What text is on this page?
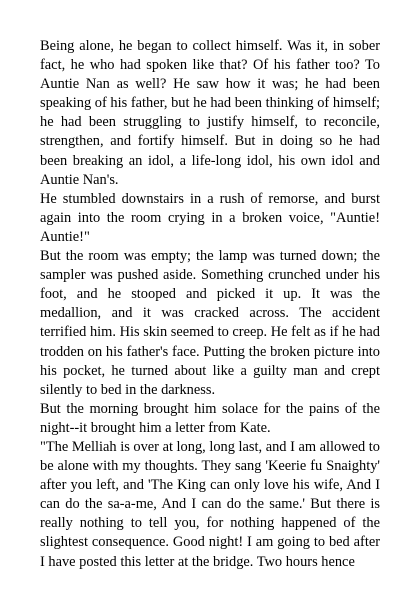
Being alone, he began to collect himself. Was it, in sober fact, he who had spoken like that? Of his father too? To Auntie Nan as well? He saw how it was; he had been speaking of his father, but he had been thinking of himself; he had been struggling to justify himself, to reconcile, strengthen, and fortify himself. But in doing so he had been breaking an idol, a life-long idol, his own idol and Auntie Nan's.

He stumbled downstairs in a rush of remorse, and burst again into the room crying in a broken voice, "Auntie! Auntie!"

But the room was empty; the lamp was turned down; the sampler was pushed aside. Something crunched under his foot, and he stooped and picked it up. It was the medallion, and it was cracked across. The accident terrified him. His skin seemed to creep. He felt as if he had trodden on his father's face. Putting the broken picture into his pocket, he turned about like a guilty man and crept silently to bed in the darkness.

But the morning brought him solace for the pains of the night--it brought him a letter from Kate.

"The Melliah is over at long, long last, and I am allowed to be alone with my thoughts. They sang 'Keerie fu Snaighty' after you left, and 'The King can only love his wife, And I can do the sa-a-me, And I can do the same.' But there is really nothing to tell you, for nothing happened of the slightest consequence. Good night! I am going to bed after I have posted this letter at the bridge. Two hours hence
